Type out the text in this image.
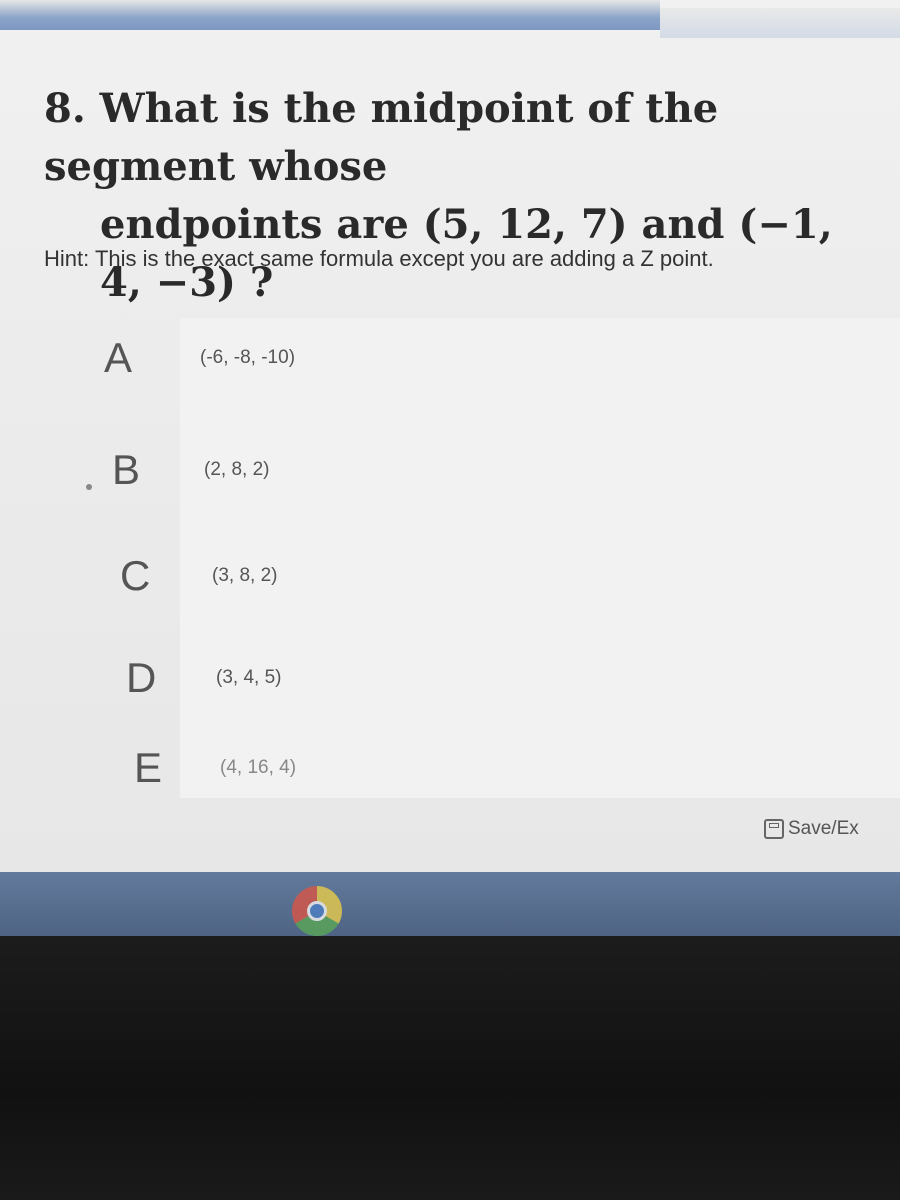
8. What is the midpoint of the segment whose
endpoints are (5, 12, 7) and (−1, 4, −3) ?
Hint: This is the exact same formula except you are adding a Z point.
A	(-6, -8, -10)
B	(2, 8, 2)
C	(3, 8, 2)
D	(3, 4, 5)
E	(4, 16, 4)
Save/Ex
